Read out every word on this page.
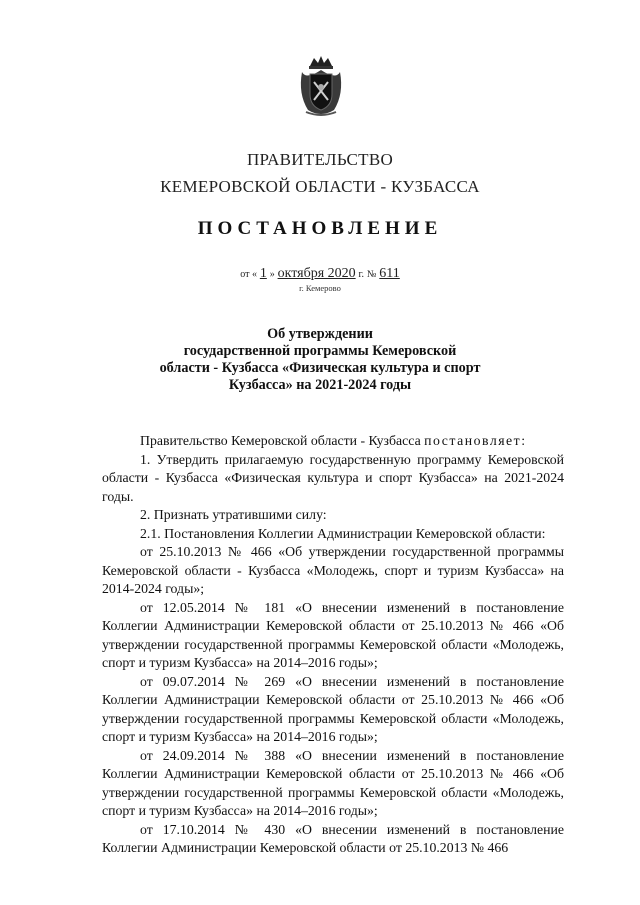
ПРАВИТЕЛЬСТВО
КЕМЕРОВСКОЙ ОБЛАСТИ - КУЗБАССА
ПОСТАНОВЛЕНИЕ
от « 1 » октября 2020 г. № 611
г. Кемерово
Об утверждении
государственной программы Кемеровской
области - Кузбасса «Физическая культура и спорт
Кузбасса» на 2021-2024 годы

Правительство Кемеровской области - Кузбасса постановляет:

1. Утвердить прилагаемую государственную программу Кемеровской области - Кузбасса «Физическая культура и спорт Кузбасса» на 2021-2024 годы.

2. Признать утратившими силу:

2.1. Постановления Коллегии Администрации Кемеровской области:

от 25.10.2013 № 466 «Об утверждении государственной программы Кемеровской области - Кузбасса «Молодежь, спорт и туризм Кузбасса» на 2014-2024 годы»;

от 12.05.2014 № 181 «О внесении изменений в постановление Коллегии Администрации Кемеровской области от 25.10.2013 № 466 «Об утверждении государственной программы Кемеровской области «Молодежь, спорт и туризм Кузбасса» на 2014–2016 годы»;

от 09.07.2014 № 269 «О внесении изменений в постановление Коллегии Администрации Кемеровской области от 25.10.2013 № 466 «Об утверждении государственной программы Кемеровской области «Молодежь, спорт и туризм Кузбасса» на 2014–2016 годы»;

от 24.09.2014 № 388 «О внесении изменений в постановление Коллегии Администрации Кемеровской области от 25.10.2013 № 466 «Об утверждении государственной программы Кемеровской области «Молодежь, спорт и туризм Кузбасса» на 2014–2016 годы»;

от 17.10.2014 № 430 «О внесении изменений в постановление Коллегии Администрации Кемеровской области от 25.10.2013 № 466
